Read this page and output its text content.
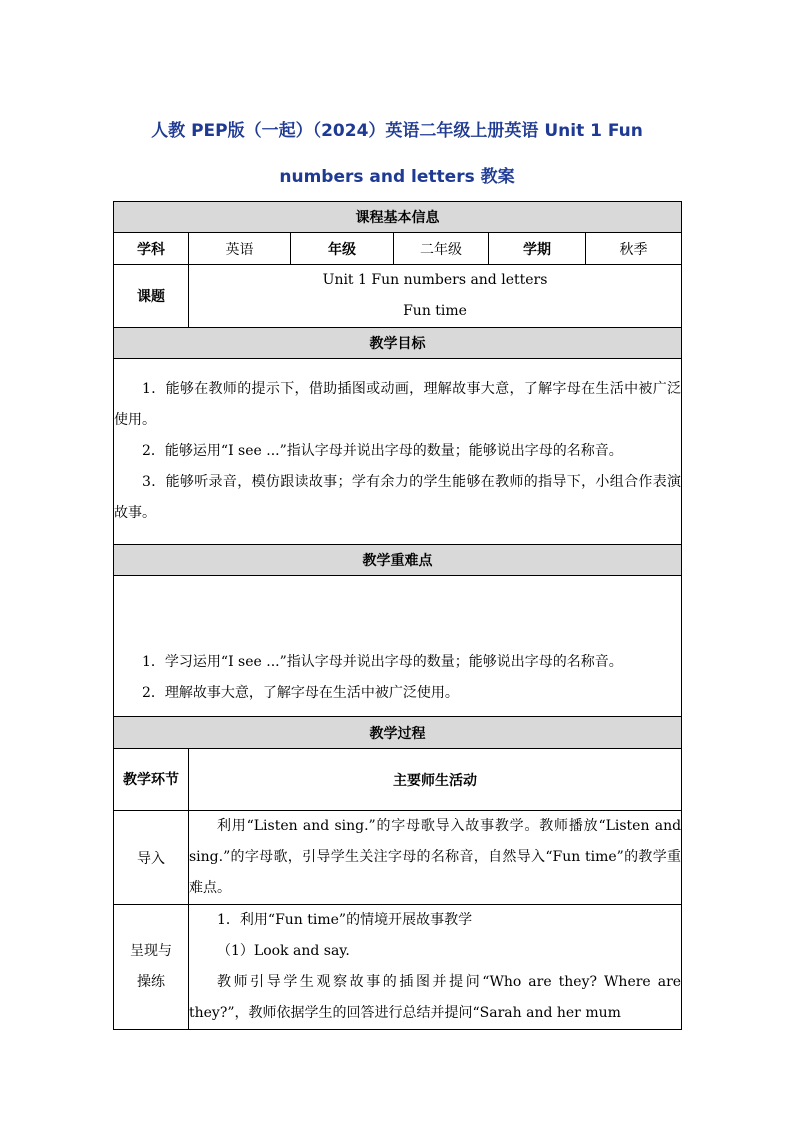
人教 PEP版（一起）（2024）英语二年级上册英语 Unit 1 Fun
numbers and letters 教案
课程基本信息					
学科	英语	年级	二年级	学期	秋季
课题	Unit 1 Fun numbers and letters

Fun time				

教学目标					

1．能够在教师的提示下，借助插图或动画，理解故事大意，了解字母在生活中被广泛使用。

2．能够运用“I see ...”指认字母并说出字母的数量；能够说出字母的名称音。

3．能够听录音，模仿跟读故事；学有余力的学生能够在教师的指导下，小组合作表演故事。					

教学重难点					

1．学习运用“I see ...”指认字母并说出字母的数量；能够说出字母的名称音。

2．理解故事大意，了解字母在生活中被广泛使用。					

教学过程					
教学环节	主要师生活动				
导入	利用“Listen and sing.”的字母歌导入故事教学。教师播放“Listen and sing.”的字母歌，引导学生关注字母的名称音，自然导入“Fun time”的教学重难点。				
呈现与操练	1．利用“Fun time”的情境开展故事教学

（1）Look and say.

教师引导学生观察故事的插图并提问“Who are they? Where are they?”，教师依据学生的回答进行总结并提问“Sarah and her mum				
